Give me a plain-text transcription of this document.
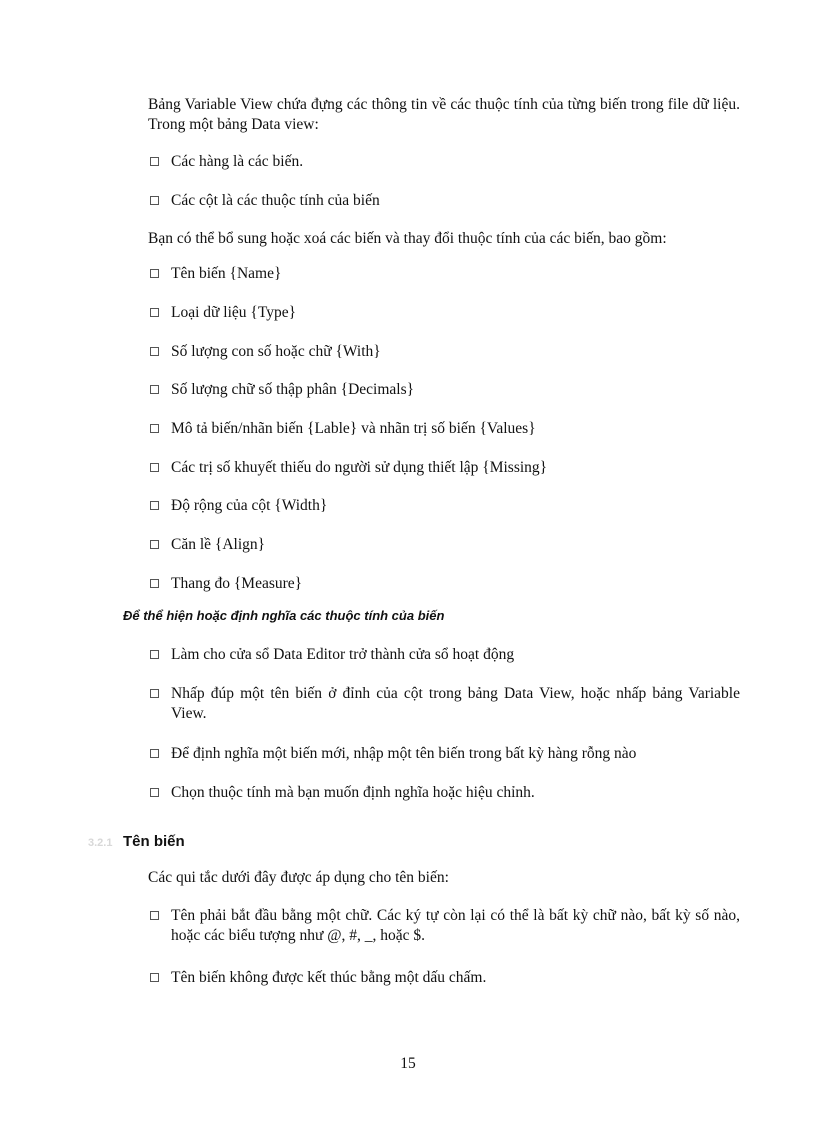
Bảng Variable View chứa đựng các thông tin về các thuộc tính của từng biến trong file dữ liệu. Trong một bảng Data view:
Các hàng là các biến.
Các cột là các thuộc tính của biến
Bạn có thể bổ sung hoặc xoá các biến và thay đổi thuộc tính của các biến, bao gồm:
Tên biến {Name}
Loại dữ liệu {Type}
Số lượng con số hoặc chữ {With}
Số lượng chữ số thập phân {Decimals}
Mô tả biến/nhãn biến {Lable} và nhãn trị số biến {Values}
Các trị số khuyết thiếu do người sử dụng thiết lập {Missing}
Độ rộng của cột {Width}
Căn lề {Align}
Thang đo {Measure}
Để thể hiện hoặc định nghĩa các thuộc tính của biến
Làm cho cửa sổ Data Editor trở thành cửa sổ hoạt động
Nhấp đúp một tên biến ở đỉnh của cột trong bảng Data View, hoặc nhấp bảng Variable View.
Để định nghĩa một biến mới, nhập một tên biến trong bất kỳ hàng rỗng nào
Chọn thuộc tính mà bạn muốn định nghĩa hoặc hiệu chỉnh.
3.2.1 Tên biến
Các qui tắc dưới đây được áp dụng cho tên biến:
Tên phải bắt đầu bằng một chữ. Các ký tự còn lại có thể là bất kỳ chữ nào, bất kỳ số nào, hoặc các biểu tượng như @, #, _, hoặc $.
Tên biến không được kết thúc bằng một dấu chấm.
15
